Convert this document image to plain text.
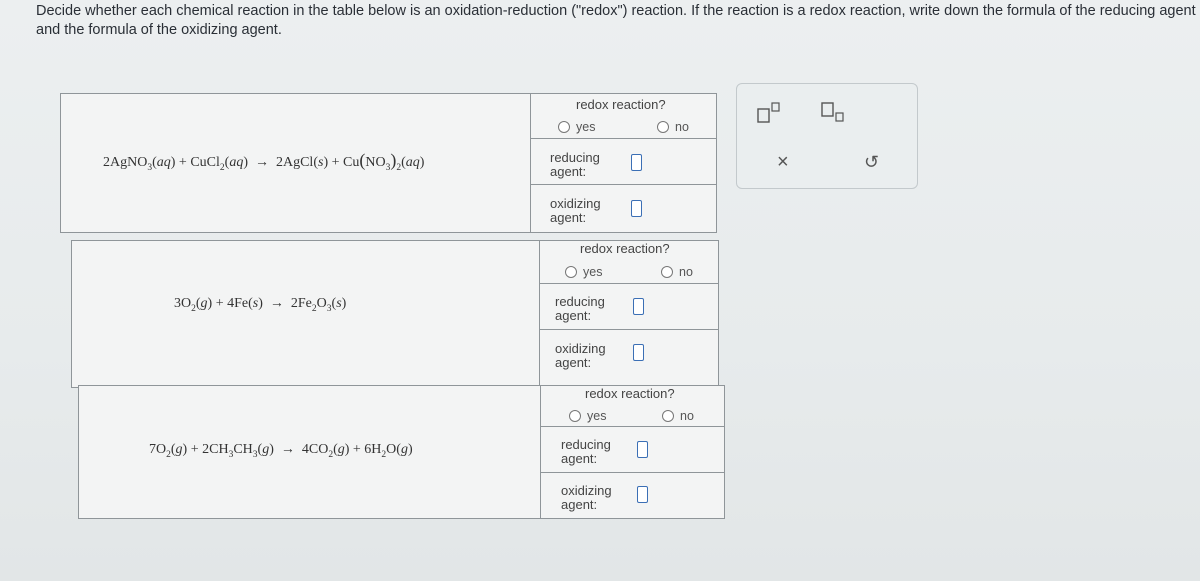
Decide whether each chemical reaction in the table below is an oxidation-reduction ("redox") reaction. If the reaction is a redox reaction, write down the formula of the reducing agent and the formula of the oxidizing agent.
2AgNO$_3$(aq) + CuCl$_2$(aq)  →  2AgCl(s) + $Cu(NO_3)_2(aq)$
redox reaction?
yes	no
reducing
agent:
oxidizing
agent:
$3O_2(g) + 4Fe(s) \to 2Fe_2O_3(s)$
redox reaction?
yes	no
reducing
agent:
oxidizing
agent:
$7O_2(g) + 2CH_3CH_3(g) \to 4CO_2(g) + 6H_2O(g)$
redox reaction?
yes	no
reducing
agent:
oxidizing
agent:
×	↺
